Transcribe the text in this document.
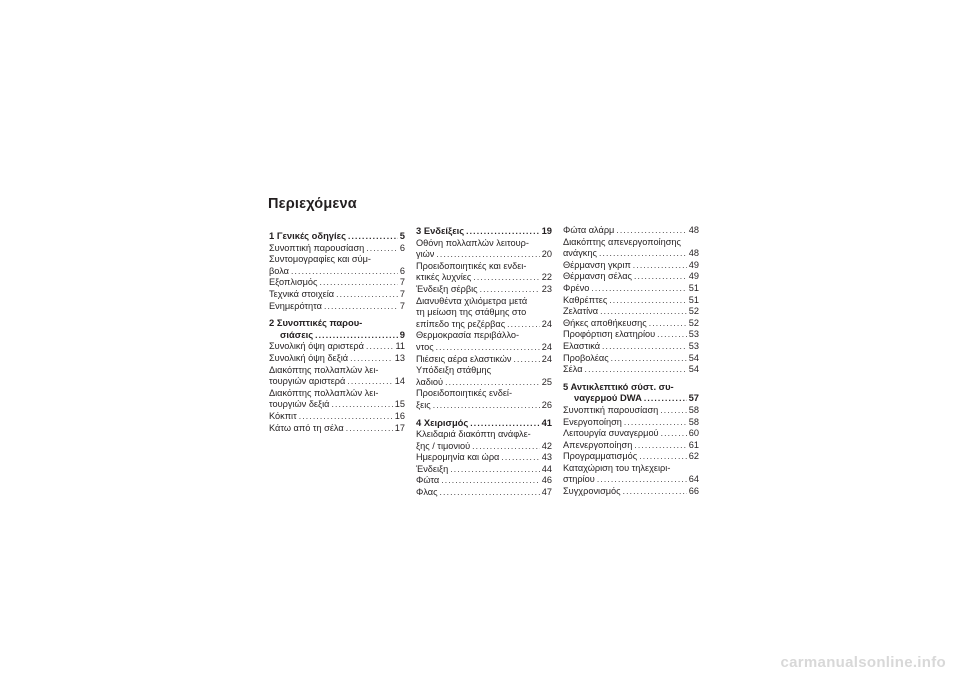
Περιεχόμενα
1 Γενικές οδηγίες . . .	5
Συνοπτική παρουσίαση . . .	6
Συντομογραφίες και σύμ-
βολα . . .	6
Εξοπλισμός . . .	7
Τεχνικά στοιχεία . . .	7
Ενημερότητα . . .	7
2 Συνοπτικές παρου-
σιάσεις . . .	9
Συνολική όψη αριστερά . . .	11
Συνολική όψη δεξιά . . .	13
Διακόπτης πολλαπλών λει-
τουργιών αριστερά . . .	14
Διακόπτης πολλαπλών λει-
τουργιών δεξιά . . .	15
Κόκπιτ . . .	16
Κάτω από τη σέλα . . .	17
3 Ενδείξεις . . .	19
Οθόνη πολλαπλών λειτουρ-
γιών . . .	20
Προειδοποιητικές και ενδει-
κτικές λυχνίες . . .	22
Ένδειξη σέρβις . . .	23
Διανυθέντα χιλιόμετρα μετά
τη μείωση της στάθμης στο
επίπεδο της ρεζέρβας . . .	24
Θερμοκρασία περιβάλλο-
ντος . . .	24
Πιέσεις αέρα ελαστικών . . .	24
Υπόδειξη στάθμης
λαδιού . . .	25
Προειδοποιητικές ενδεί-
ξεις . . .	26
4 Χειρισμός . . .	41
Κλειδαριά διακόπτη ανάφλε-
ξης / τιμονιού . . .	42
Ημερομηνία και ώρα . . .	43
Ένδειξη . . .	44
Φώτα . . .	46
Φλας . . .	47
Φώτα αλάρμ . . .	48
Διακόπτης απενεργοποίησης
ανάγκης . . .	48
Θέρμανση γκριπ . . .	49
Θέρμανση σέλας . . .	49
Φρένο . . .	51
Καθρέπτες . . .	51
Ζελατίνα . . .	52
Θήκες αποθήκευσης . . .	52
Προφόρτιση ελατηρίου . . .	53
Ελαστικά . . .	53
Προβολέας . . .	54
Σέλα . . .	54
5 Αντικλεπτικό σύστ. συ-
ναγερμού DWA . . .	57
Συνοπτική παρουσίαση . . .	58
Ενεργοποίηση . . .	58
Λειτουργία συναγερμού . . .	60
Απενεργοποίηση . . .	61
Προγραμματισμός . . .	62
Καταχώριση του τηλεχειρι-
στηρίου . . .	64
Συγχρονισμός . . .	66
carmanualsonline.info
